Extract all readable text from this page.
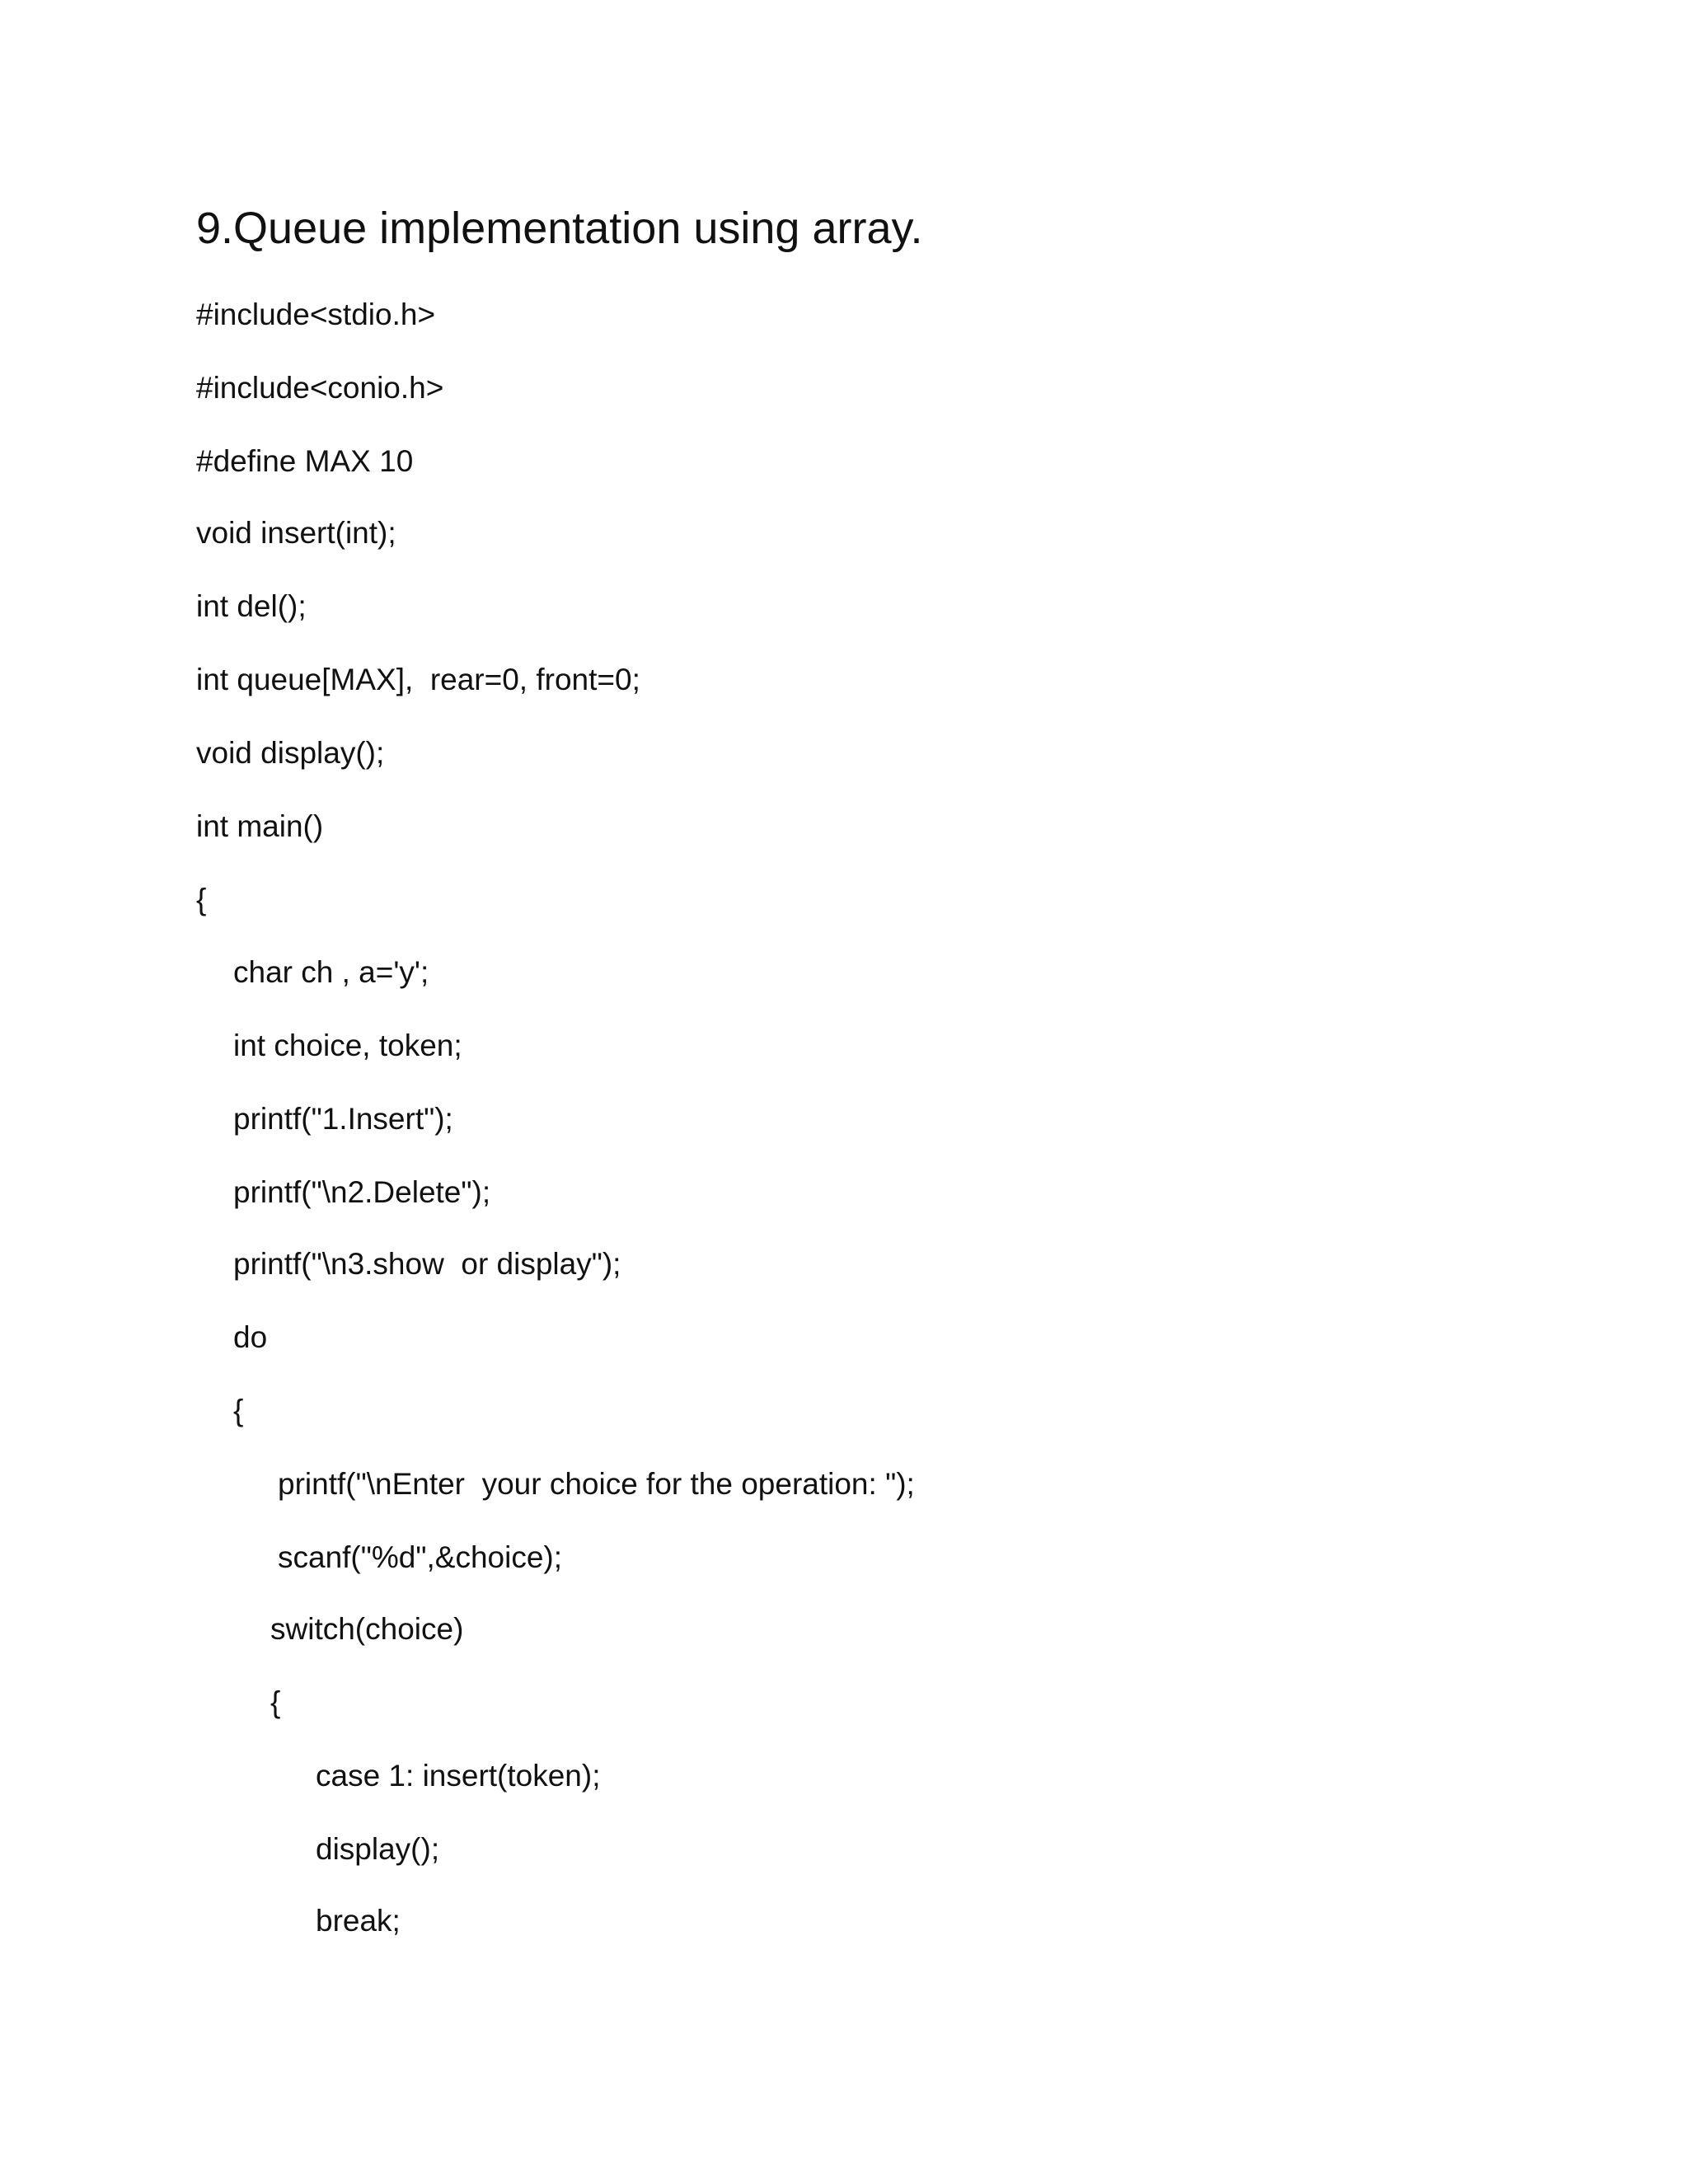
9.Queue implementation using array.
#include<stdio.h>
#include<conio.h>
#define MAX 10
void insert(int);
int del();
int queue[MAX],  rear=0, front=0;
void display();
int main()
{
char ch , a='y';
int choice, token;
printf("1.Insert");
printf("\n2.Delete");
printf("\n3.show  or display");
do
{
printf("\nEnter  your choice for the operation: ");
scanf("%d",&choice);
switch(choice)
{
case 1: insert(token);
display();
break;
